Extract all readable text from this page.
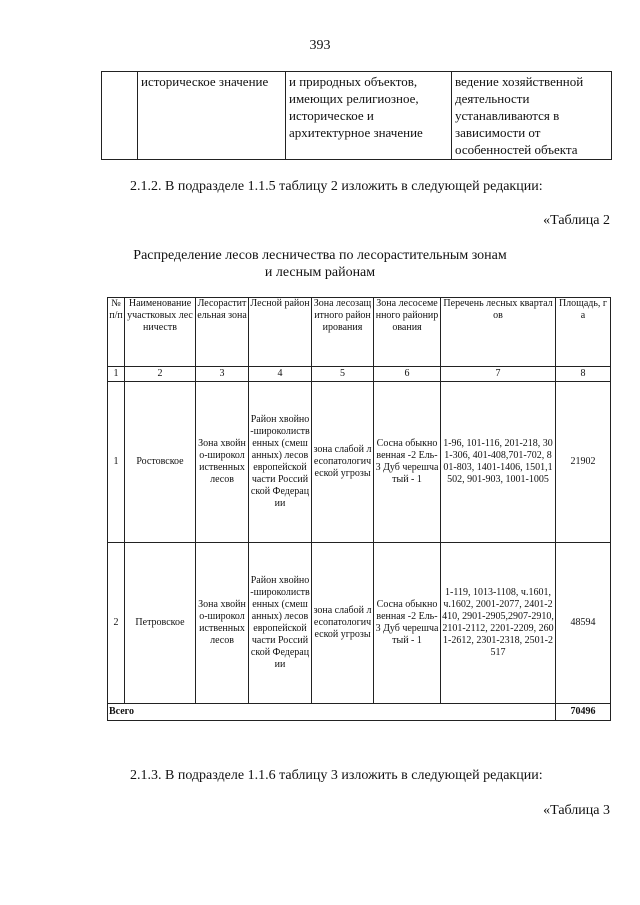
393
	историческое значение	и природных объектов, имеющих религиозное, историческое и архитектурное значение	ведение хозяйственной деятельности устанавливаются в зависимости от особенностей объекта
2.1.2. В подразделе 1.1.5 таблицу 2 изложить в следующей редакции:
«Таблица 2
Распределение лесов лесничества по лесорастительным зонам
и лесным районам
№ п/п	Наименование участковых лесничеств	Лесорастительная зона	Лесной район	Зона лесозащитного районирования	Зона лесосеменного районирования	Перечень лесных кварталов	Площадь, га
1	2	3	4	5	6	7	8
1	Ростовское	Зона хвойно-широколиственных лесов	Район хвойно-широколиственных (смешанных) лесов европейской части Российской Федерации	зона слабой лесопатологической угрозы	Сосна обыкновенная -2 Ель-3 Дуб черешчатый - 1	1-96, 101-116, 201-218, 301-306, 401-408,701-702, 801-803, 1401-1406, 1501,1502, 901-903, 1001-1005	21902
2	Петровское	Зона хвойно-широколиственных лесов	Район хвойно-широколиственных (смешанных) лесов европейской части Российской Федерации	зона слабой лесопатологической угрозы	Сосна обыкновенная -2 Ель-3 Дуб черешчатый - 1	1-119, 1013-1108, ч.1601, ч.1602, 2001-2077, 2401-2410, 2901-2905,2907-2910, 2101-2112, 2201-2209, 2601-2612, 2301-2318, 2501-2517	48594
Всего							70496
2.1.3. В подразделе 1.1.6 таблицу 3 изложить в следующей редакции:
«Таблица 3
